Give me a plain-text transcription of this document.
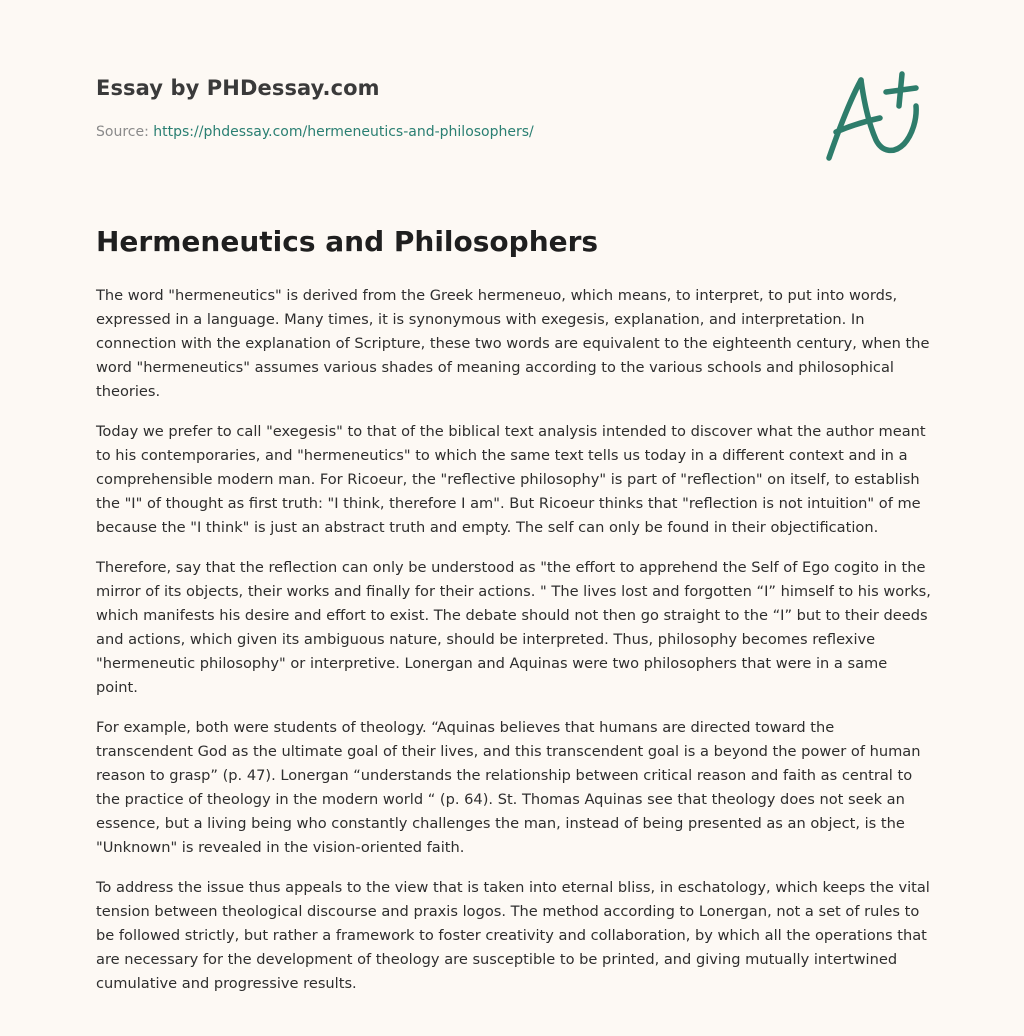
Essay by PHDessay.com
Source: https://phdessay.com/hermeneutics-and-philosophers/
Hermeneutics and Philosophers

The word "hermeneutics" is derived from the Greek hermeneuo, which means, to interpret, to put into words, expressed in a language. Many times, it is synonymous with exegesis, explanation, and interpretation. In connection with the explanation of Scripture, these two words are equivalent to the eighteenth century, when the word "hermeneutics" assumes various shades of meaning according to the various schools and philosophical theories.

Today we prefer to call "exegesis" to that of the biblical text analysis intended to discover what the author meant to his contemporaries, and "hermeneutics" to which the same text tells us today in a different context and in a comprehensible modern man. For Ricoeur, the "reflective philosophy" is part of "reflection" on itself, to establish the "I" of thought as first truth: "I think, therefore I am". But Ricoeur thinks that "reflection is not intuition" of me because the "I think" is just an abstract truth and empty. The self can only be found in their objectification.

Therefore, say that the reflection can only be understood as "the effort to apprehend the Self of Ego cogito in the mirror of its objects, their works and finally for their actions. " The lives lost and forgotten “I” himself to his works, which manifests his desire and effort to exist. The debate should not then go straight to the “I” but to their deeds and actions, which given its ambiguous nature, should be interpreted. Thus, philosophy becomes reflexive "hermeneutic philosophy" or interpretive. Lonergan and Aquinas were two philosophers that were in a same point.

For example, both were students of theology. “Aquinas believes that humans are directed toward the transcendent God as the ultimate goal of their lives, and this transcendent goal is a beyond the power of human reason to grasp” (p. 47). Lonergan “understands the relationship between critical reason and faith as central to the practice of theology in the modern world “ (p. 64). St. Thomas Aquinas see that theology does not seek an essence, but a living being who constantly challenges the man, instead of being presented as an object, is the "Unknown" is revealed in the vision-oriented faith.

To address the issue thus appeals to the view that is taken into eternal bliss, in eschatology, which keeps the vital tension between theological discourse and praxis logos. The method according to Lonergan, not a set of rules to be followed strictly, but rather a framework to foster creativity and collaboration, by which all the operations that are necessary for the development of theology are susceptible to be printed, and giving mutually intertwined cumulative and progressive results.
